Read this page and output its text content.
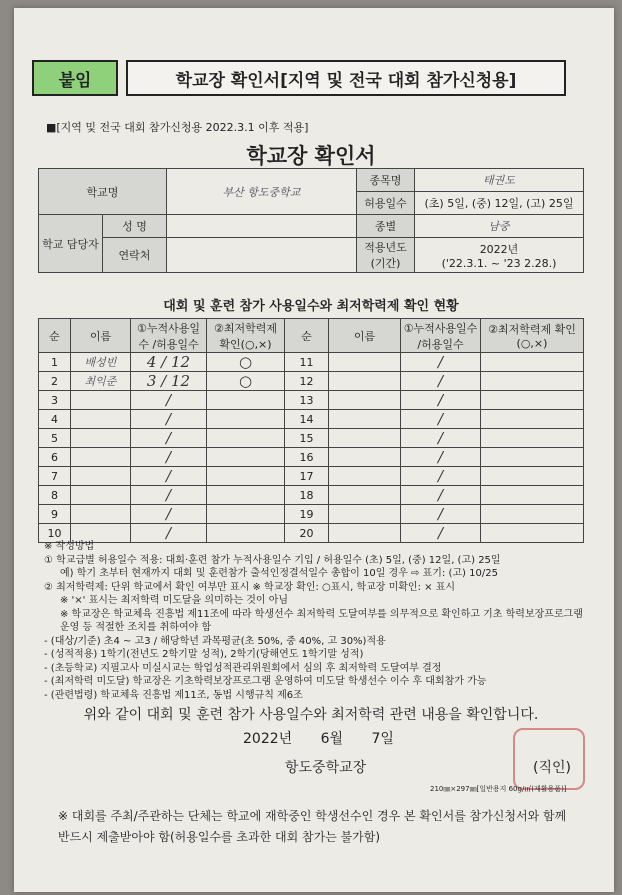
붙임	학교장 확인서[지역 및 전국 대회 참가신청용]
■[지역 및 전국 대회 참가신청용 2022.3.1 이후 적용]
학교장 확인서
학교명		부산 항도중학교	종목명	태권도
			허용일수	(초) 5일, (중) 12일, (고) 25일
학교 담당자	성 명		종별	남중
	연락처		적용년도 (기간)	2022년
('22.3.1. ~ '23 2.28.)
대회 및 훈련 참가 사용일수와 최저학력제 확인 현황
순	이름	①누적사용일수 /허용일수	②최저학력제 확인(○,×)	순	이름	①누적사용일수 /허용일수	②최저학력제 확인(○,×)
1	배성빈	4 / 12	○	11		/	
2	최익준	3 / 12	○	12		/	
3		/		13		/	
4		/		14		/	
5		/		15		/	
6		/		16		/	
7		/		17		/	
8		/		18		/	
9		/		19		/	
10		/		20		/	
※ 작성방법
① 학교급별 허용일수 적용: 대회·훈련 참가 누적사용일수 기입 / 허용일수 (초) 5일, (중) 12일, (고) 25일
예) 학기 초부터 현재까지 대회 및 훈련참가 출석인정결석일수 총합이 10일 경우 ⇨ 표기: (고) 10/25
② 최저학력제: 단위 학교에서 확인 여부만 표시 ※ 학교장 확인: ○표시, 학교장 미확인: × 표시
※ '×' 표시는 최저학력 미도달을 의미하는 것이 아님
※ 학교장은 학교체육 진흥법 제11조에 따라 학생선수 최저학력 도달여부를 의무적으로 확인하고 기초 학력보장프로그램 운영 등 적절한 조치를 취하여야 함
- (대상/기준) 초4 ~ 고3 / 해당학년 과목평균(초 50%, 중 40%, 고 30%)적용
- (성적적용) 1학기(전년도 2학기말 성적), 2학기(당해연도 1학기말 성적)
- (초등학교) 지필고사 미실시교는 학업성적관리위원회에서 심의 후 최저학력 도달여부 결정
- (최저학력 미도달) 학교장은 기초학력보장프로그램 운영하여 미도달 학생선수 이수 후 대회참가 가능
- (관련법령) 학교체육 진흥법 제11조, 동법 시행규칙 제6조
위와 같이 대회 및 훈련 참가 사용일수와 최저학력 관련 내용을 확인합니다.
2022년 6월 7일
항도중학교장	(직인)
210㎜×297㎜[일반용지 60g/㎡(재활용품)]
※ 대회를 주최/주관하는 단체는 학교에 재학중인 학생선수인 경우 본 확인서를 참가신청서와 함께 반드시 제출받아야 함(허용일수를 초과한 대회 참가는 불가함)
